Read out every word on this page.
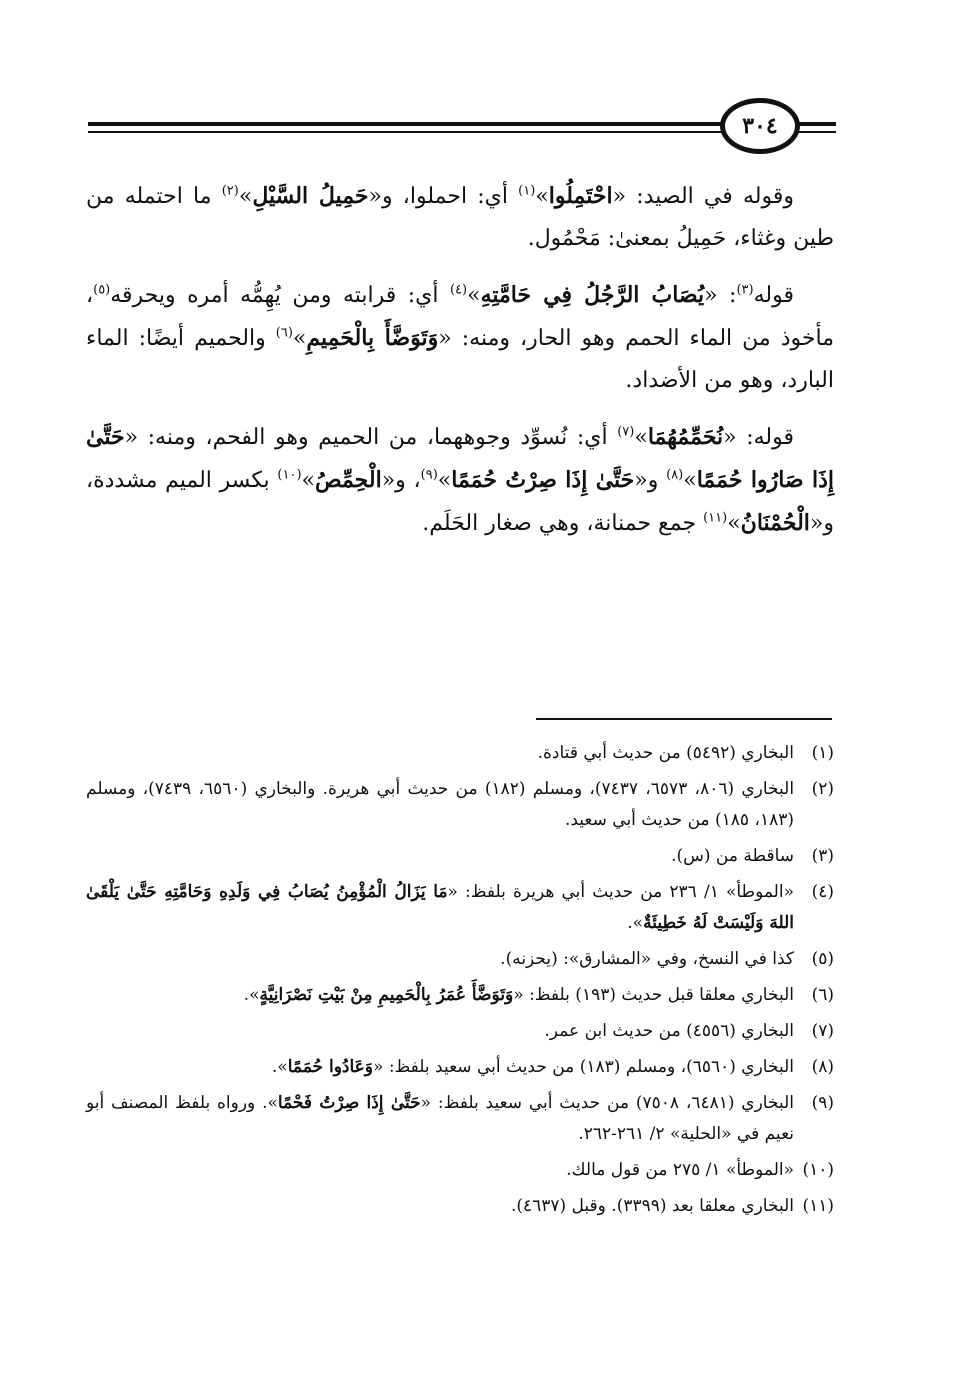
٣٠٤

وقوله في الصيد: «احْتَمِلُوا»$^{(١)}$ أي: احملوا، و«حَمِيلُ السَّيْلِ»$^{(٢)}$ ما احتمله من طين وغثاء، حَمِيلُ بمعنىٰ: مَحْمُول.

قوله$^{(٣)}$: «يُصَابُ الرَّجُلُ فِي حَامَّتِهِ»$^{(٤)}$ أي: قرابته ومن يُهِمُّه أمره ويحرقه$^{(٥)}$، مأخوذ من الماء الحمم وهو الحار، ومنه: «وَتَوَضَّأَ بِالْحَمِيمِ»$^{(٦)}$ والحميم أيضًا: الماء البارد، وهو من الأضداد.

قوله: «نُحَمِّمُهُمَا»$^{(٧)}$ أي: نُسوِّد وجوههما، من الحميم وهو الفحم، ومنه: «حَتَّىٰ إِذَا صَارُوا حُمَمًا»$^{(٨)}$ و«حَتَّىٰ إِذَا صِرْتُ حُمَمًا»$^{(٩)}$، و«الْحِمِّصُ»$^{(١٠)}$ بكسر الميم مشددة، و«الْحُمْنَانُ»$^{(١١)}$ جمع حمنانة، وهي صغار الحَلَم.

(١)
البخاري (٥٤٩٢) من حديث أبي قتادة.
(٢)
البخاري (٨٠٦، ٦٥٧٣، ٧٤٣٧)، ومسلم (١٨٢) من حديث أبي هريرة. والبخاري (٦٥٦٠، ٧٤٣٩)، ومسلم (١٨٣، ١٨٥) من حديث أبي سعيد.
(٣)
ساقطة من (س).
(٤)
«الموطأ» ١/ ٢٣٦ من حديث أبي هريرة بلفظ: «مَا يَزَالُ الْمُؤْمِنُ يُصَابُ فِي وَلَدِهِ وَحَامَّتِهِ حَتَّىٰ يَلْقَىٰ اللهَ وَلَيْسَتْ لَهُ خَطِيئَةٌ».
(٥)
كذا في النسخ، وفي «المشارق»: (يحزنه).
(٦)
البخاري معلقا قبل حديث (١٩٣) بلفظ: «وَتَوَضَّأَ عُمَرُ بِالْحَمِيمِ مِنْ بَيْتِ نَصْرَانِيَّةٍ».
(٧)
البخاري (٤٥٥٦) من حديث ابن عمر.
(٨)
البخاري (٦٥٦٠)، ومسلم (١٨٣) من حديث أبي سعيد بلفظ: «وَعَادُوا حُمَمًا».
(٩)
البخاري (٦٤٨١، ٧٥٠٨) من حديث أبي سعيد بلفظ: «حَتَّىٰ إِذَا صِرْتُ فَحْمًا». ورواه بلفظ المصنف أبو نعيم في «الحلية» ٢/ ٢٦١-٢٦٢.
(١٠)
«الموطأ» ١/ ٢٧٥ من قول مالك.
(١١)
البخاري معلقا بعد (٣٣٩٩). وقبل (٤٦٣٧).
